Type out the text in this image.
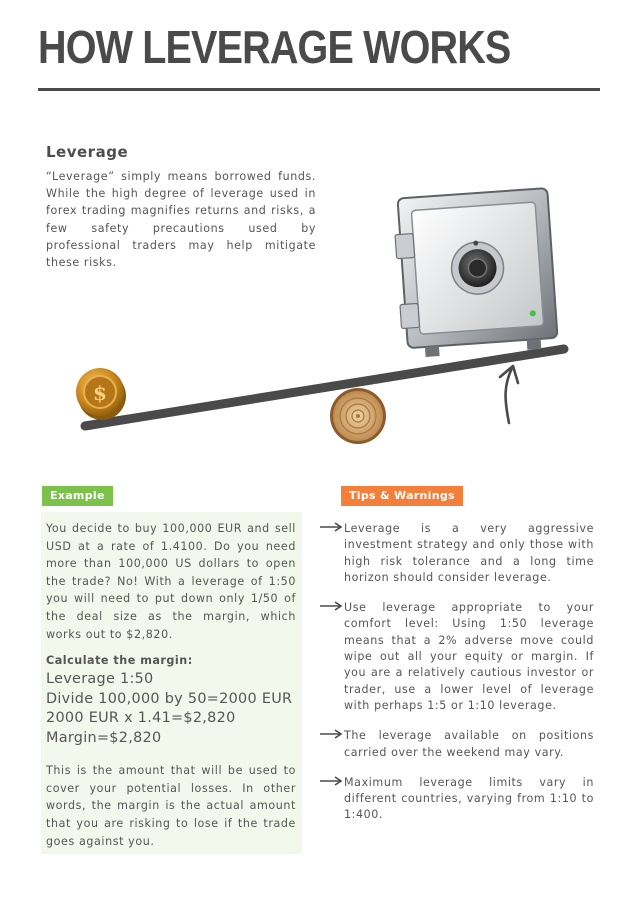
HOW LEVERAGE WORKS
Leverage

“Leverage” simply means borrowed funds. While the high degree of leverage used in forex trading magnifies returns and risks, a few safety precautions used by professional traders may help mitigate these risks.

$
Example

You decide to buy 100,000 EUR and sell USD at a rate of 1.4100. Do you need more than 100,000 US dollars to open the trade? No! With a leverage of 1:50 you will need to put down only 1/50 of the deal size as the margin, which works out to $2,820.

Calculate the margin:

Leverage 1:50

Divide 100,000 by 50=2000 EUR

2000 EUR x 1.41=$2,820

Margin=$2,820

This is the amount that will be used to cover your potential losses. In other words, the margin is the actual amount that you are risking to lose if the trade goes against you.

Tips & Warnings

Leverage is a very aggressive investment strategy and only those with high risk tolerance and a long time horizon should consider leverage.

Use leverage appropriate to your comfort level: Using 1:50 leverage means that a 2% adverse move could wipe out all your equity or margin. If you are a relatively cautious investor or trader, use a lower level of leverage with perhaps 1:5 or 1:10 leverage.

The leverage available on positions carried over the weekend may vary.

Maximum leverage limits vary in different countries, varying from 1:10 to 1:400.
